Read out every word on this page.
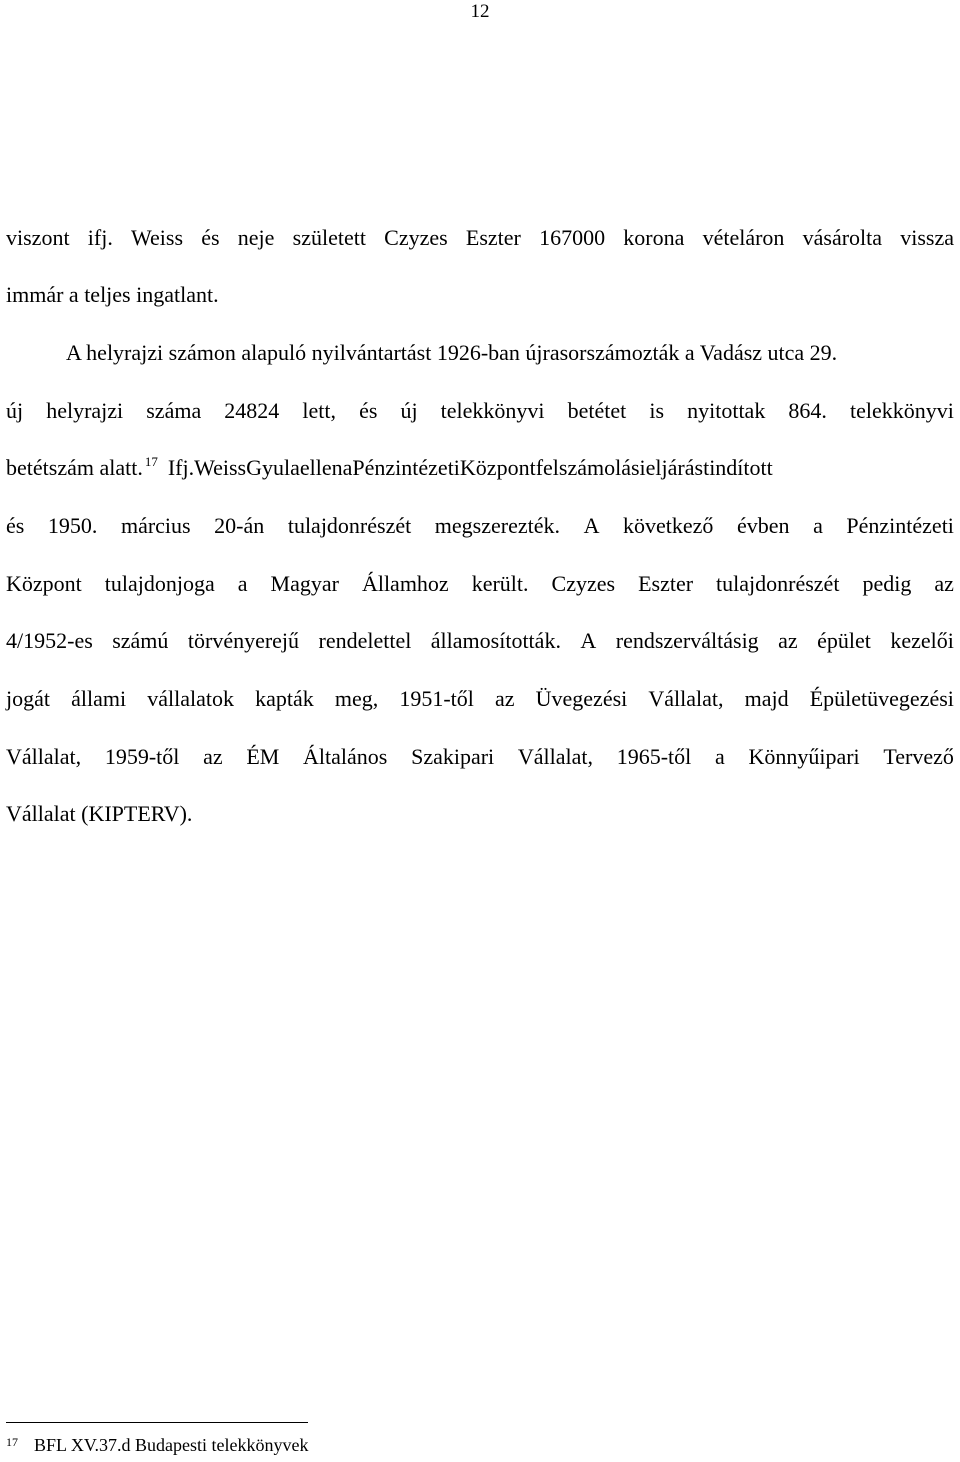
12
viszont ifj. Weiss és neje született Czyzes Eszter 167000 korona vételáron vásárolta vissza
immár a teljes ingatlant.
A helyrajzi számon alapuló nyilvántartást 1926-ban újrasorszámozták a Vadász utca 29.
új helyrajzi száma 24824 lett, és új telekkönyvi betétet is nyitottak 864. telekkönyvi
betétszám alatt. $^{17}$ Ifj.WeissGyulaellenaPénzintézetiKözpontfelszámolásieljárástindított
és 1950. március 20-án tulajdonrészét megszerezték. A következő évben a Pénzintézeti
Központ tulajdonjoga a Magyar Államhoz került. Czyzes Eszter tulajdonrészét pedig az
4/1952-es számú törvényerejű rendelettel államosították. A rendszerváltásig az épület kezelői
jogát állami vállalatok kapták meg, 1951-től az Üvegezési Vállalat, majd Épületüvegezési
Vállalat, 1959-től az ÉM Általános Szakipari Vállalat, 1965-től a Könnyűipari Tervező
Vállalat (KIPTERV).
17 BFL XV.37.d Budapesti telekkönyvek
